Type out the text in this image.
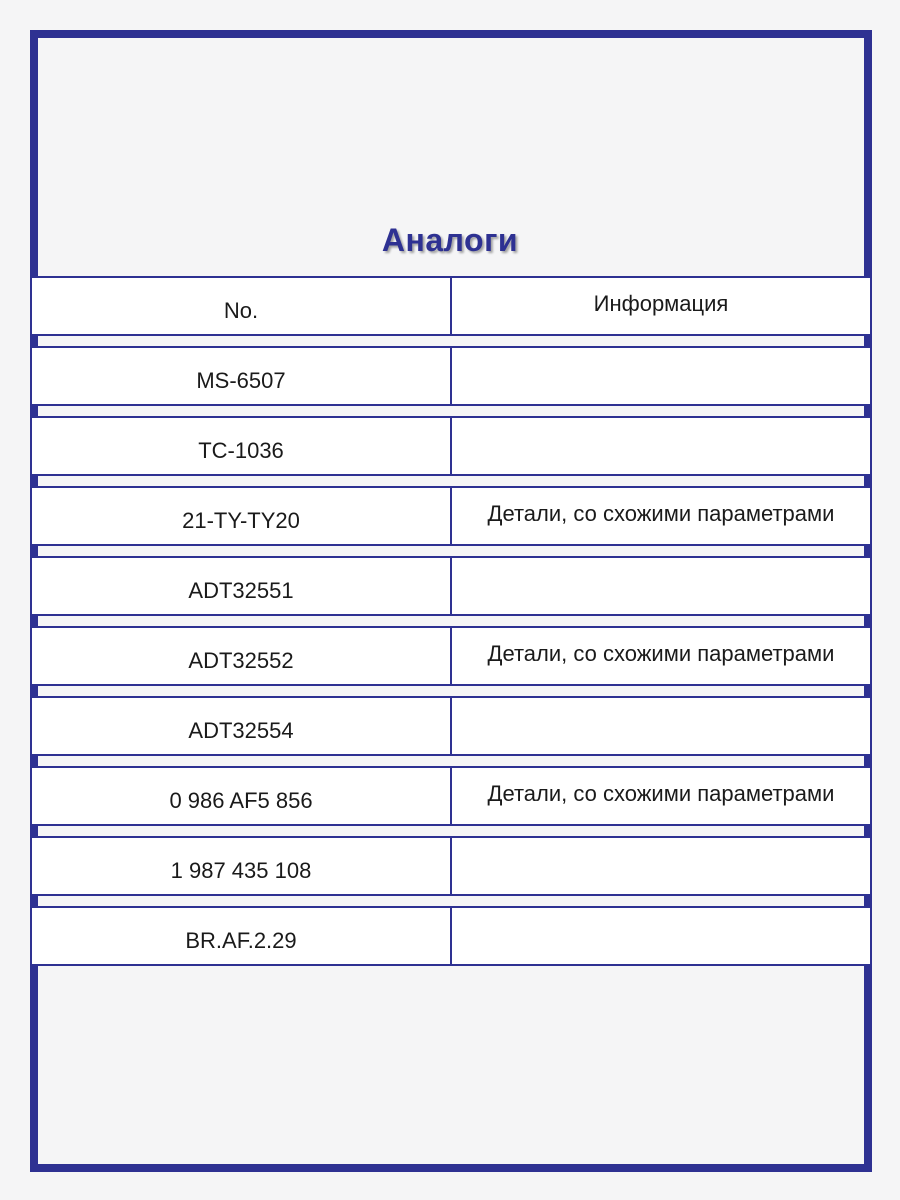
Аналоги
No.	Информация
MS-6507
TC-1036
21-TY-TY20	Детали, со схожими параметрами
ADT32551
ADT32552	Детали, со схожими параметрами
ADT32554
0 986 AF5 856	Детали, со схожими параметрами
1 987 435 108
BR.AF.2.29
